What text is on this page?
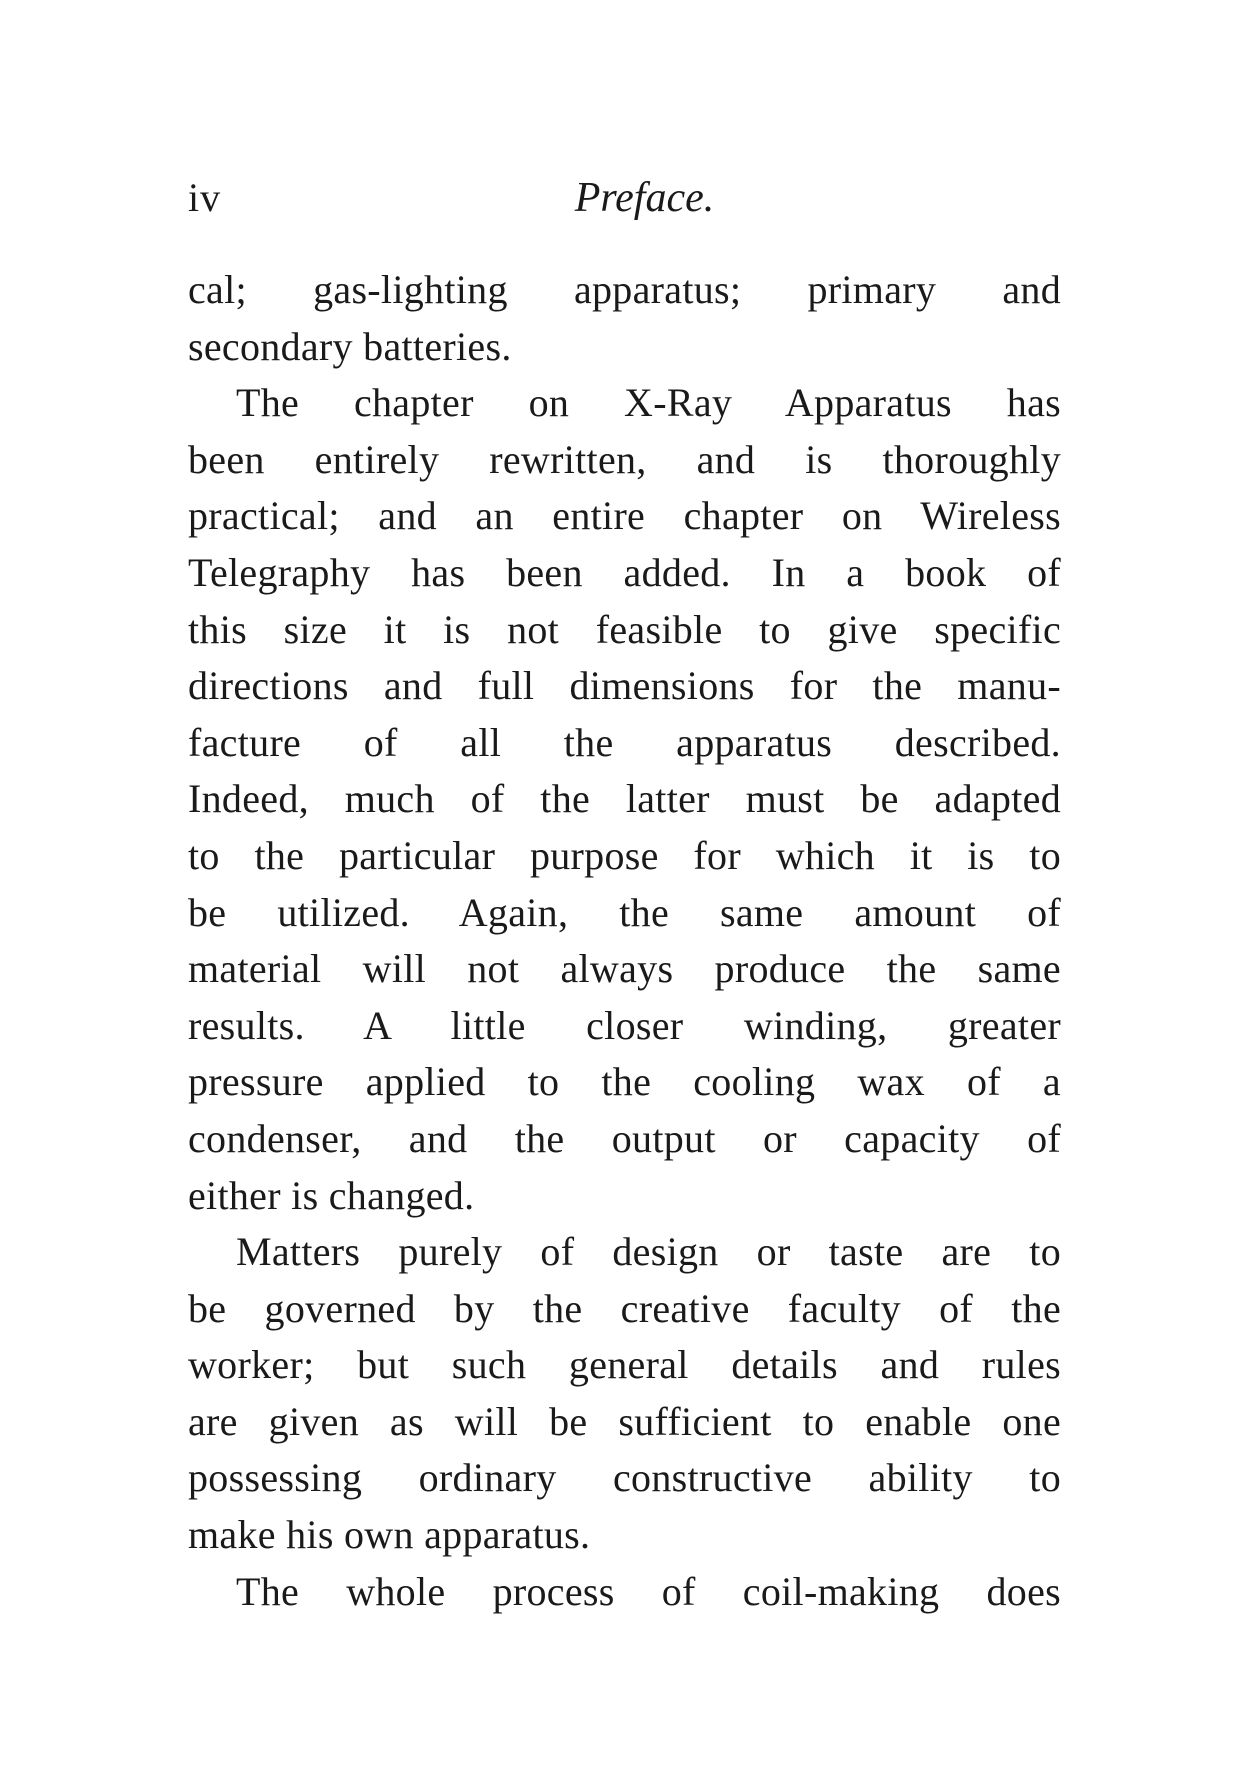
iv	Preface.
cal; gas-lighting apparatus; primary and
secondary batteries.
The chapter on X-Ray Apparatus has
been entirely rewritten, and is thoroughly
practical; and an entire chapter on Wireless
Telegraphy has been added. In a book of
this size it is not feasible to give specific
directions and full dimensions for the manu-
facture of all the apparatus described.
Indeed, much of the latter must be adapted
to the particular purpose for which it is to
be utilized. Again, the same amount of
material will not always produce the same
results. A little closer winding, greater
pressure applied to the cooling wax of a
condenser, and the output or capacity of
either is changed.
Matters purely of design or taste are to
be governed by the creative faculty of the
worker; but such general details and rules
are given as will be sufficient to enable one
possessing ordinary constructive ability to
make his own apparatus.
The whole process of coil-making does
